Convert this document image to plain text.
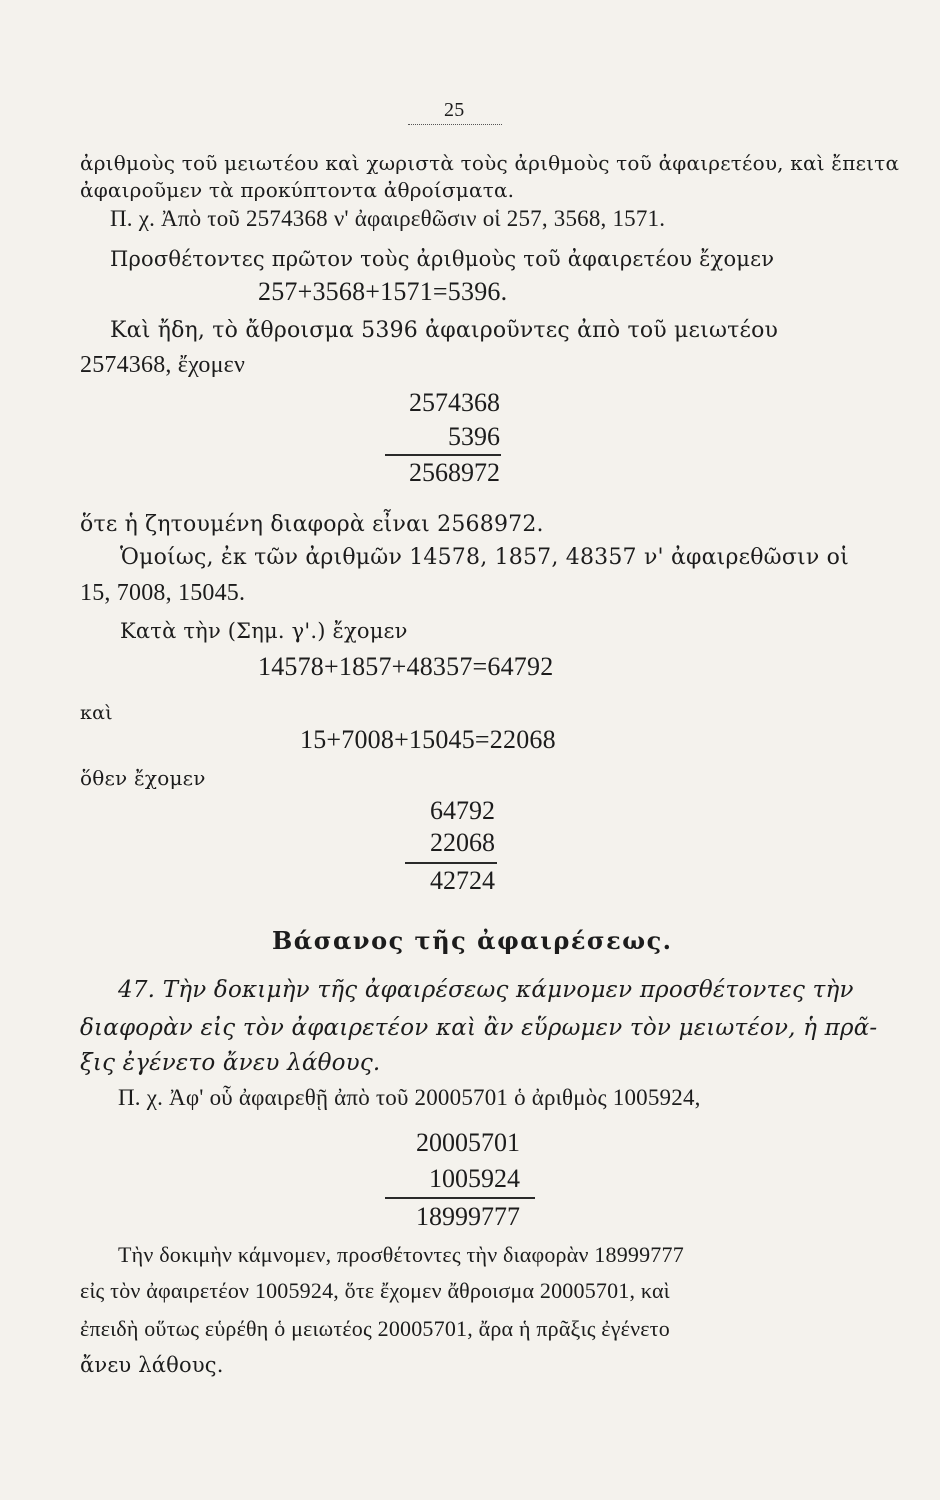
25
ἀριθμοὺς τοῦ μειωτέου καὶ χωριστὰ τοὺς ἀριθμοὺς τοῦ ἀφαιρετέου, καὶ ἔπειτα
ἀφαιροῦμεν τὰ προκύπτοντα ἀθροίσματα.
Π. χ. Ἀπὸ τοῦ 2574368 ν' ἀφαιρεθῶσιν οἱ 257, 3568, 1571.
Προσθέτοντες πρῶτον τοὺς ἀριθμοὺς τοῦ ἀφαιρετέου ἔχομεν
257+3568+1571=5396.
Καὶ ἤδη, τὸ ἄθροισμα 5396 ἀφαιροῦντες ἀπὸ τοῦ μειωτέου
2574368, ἔχομεν
2574368
5396
2568972
ὅτε ἡ ζητουμένη διαφορὰ εἶναι 2568972.
Ὁμοίως, ἐκ τῶν ἀριθμῶν 14578, 1857, 48357 ν' ἀφαιρεθῶσιν οἱ
15, 7008, 15045.
Κατὰ τὴν (Σημ. γ'.) ἔχομεν
14578+1857+48357=64792
καὶ
15+7008+15045=22068
ὅθεν ἔχομεν
64792
22068
42724
Βάσανος τῆς ἀφαιρέσεως.
47. Τὴν δοκιμὴν τῆς ἀφαιρέσεως κάμνομεν προσθέτοντες τὴν
διαφορὰν εἰς τὸν ἀφαιρετέον καὶ ἂν εὕρωμεν τὸν μειωτέον, ἡ πρᾶ-
ξις ἐγένετο ἄνευ λάθους.
Π. χ. Ἀφ' οὗ ἀφαιρεθῇ ἀπὸ τοῦ 20005701 ὁ ἀριθμὸς 1005924,
20005701
1005924
18999777
Τὴν δοκιμὴν κάμνομεν, προσθέτοντες τὴν διαφορὰν 18999777
εἰς τὸν ἀφαιρετέον 1005924, ὅτε ἔχομεν ἄθροισμα 20005701, καὶ
ἐπειδὴ οὕτως εὑρέθη ὁ μειωτέος 20005701, ἄρα ἡ πρᾶξις ἐγένετο
ἄνευ λάθους.
